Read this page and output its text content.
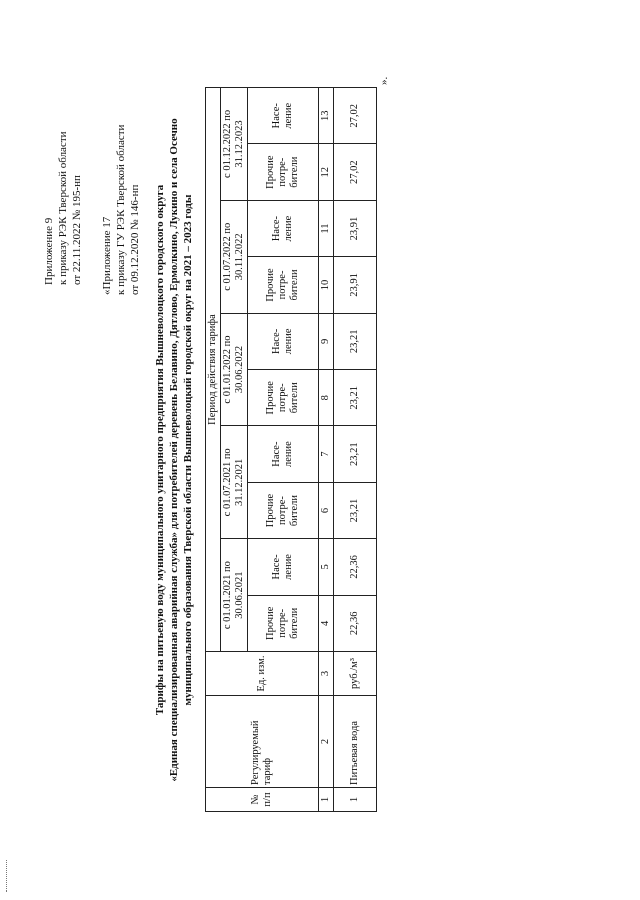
Приложение 9 к приказу РЭК Тверской области от 22.11.2022 № 195-нп «Приложение 17 к приказу ГУ РЭК Тверской области от 09.12.2020 № 146-нп Тарифы на питьевую воду муниципального унитарного предприятия Вышневолоцкого городского округа «Единая специализированная аварийная служба» для потребителей деревень Белавино, Дятлово, Ермолкино, Лукино и села Осечно муниципального образования Тверской области Вышневолоцкий городской округ на 2021 – 2023 годы
№ п/п	Регулируемый тариф	Ед. изм.	Период действия тарифа									
			с 01.01.2021 по 30.06.2021		с 01.07.2021 по 31.12.2021		с 01.01.2022 по 30.06.2022		с 01.07.2022 по 30.11.2022		с 01.12.2022 по 31.12.2023	
			Прочие потре- бители	Насе- ление	Прочие потре- бители	Насе- ление	Прочие потре- бители	Насе- ление	Прочие потре- бители	Насе- ление	Прочие потре- бители	Насе- ление
1	2	3	4	5	6	7	8	9	10	11	12	13
1	Питьевая вода	руб./м³	22,36	22,36	23,21	23,21	23,21	23,21	23,91	23,91	27,02	27,02
».
